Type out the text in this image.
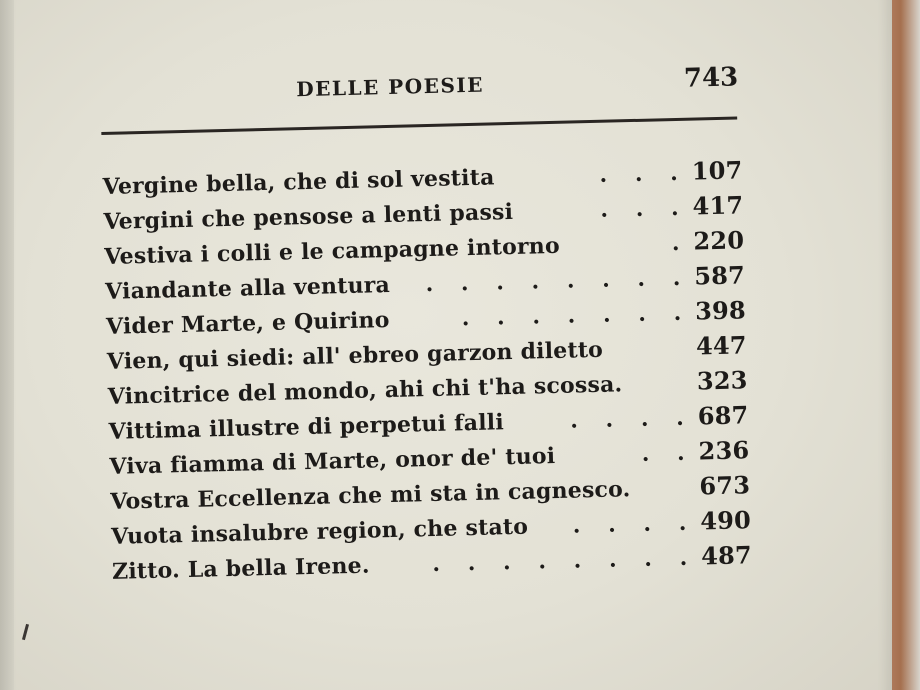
DELLE POESIE	743
Vergine bella, che di sol vestita	. . . 107
Vergini che pensose a lenti passi	. . . 417
Vestiva i colli e le campagne intorno	. 220
Viandante alla ventura	. . . . . . . . 587
Vider Marte, e Quirino	. . . . . . . 398
Vien, qui siedi: all' ebreo garzon diletto	447
Vincitrice del mondo, ahi chi t'ha scossa.	323
Vittima illustre di perpetui falli	. . . . 687
Viva fiamma di Marte, onor de' tuoi	. . 236
Vostra Eccellenza che mi sta in cagnesco.	673
Vuota insalubre region, che stato	. . . . 490
Zitto. La bella Irene.	. . . . . . . . 487
